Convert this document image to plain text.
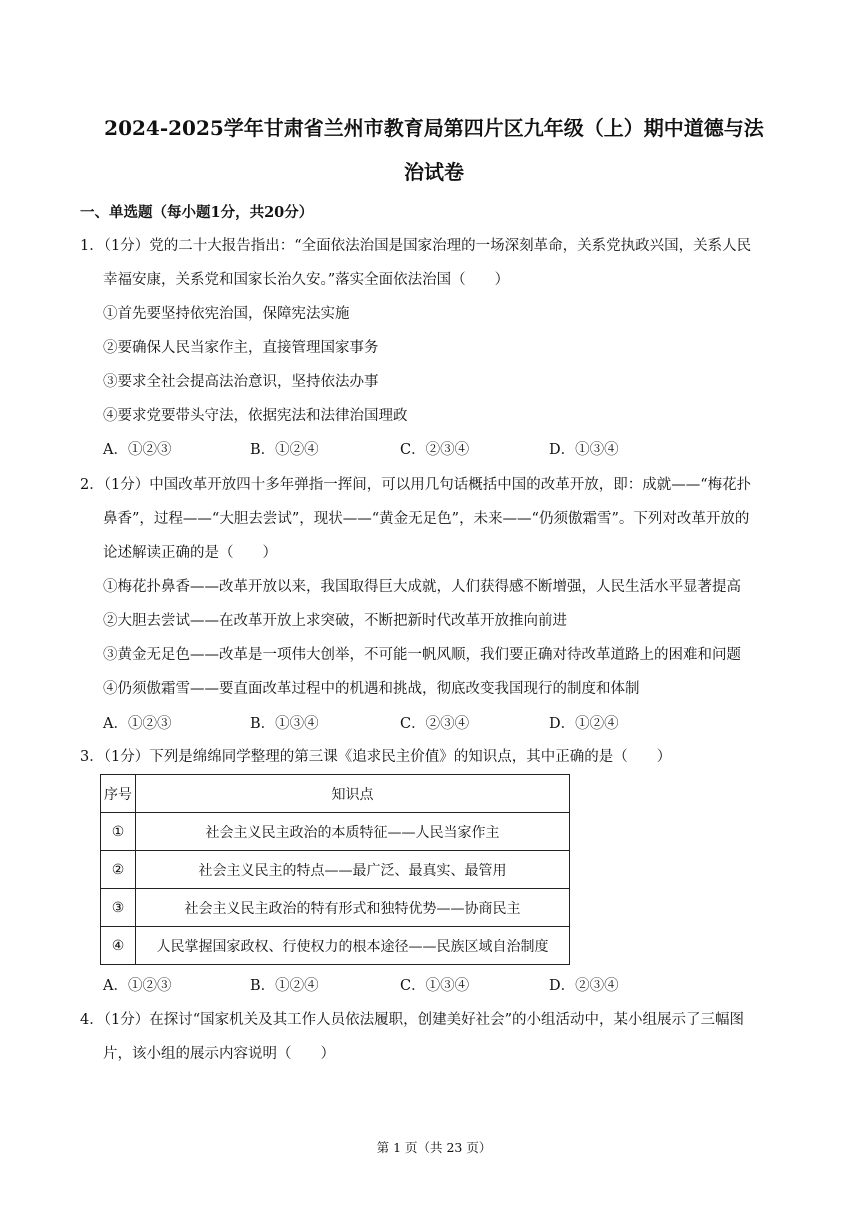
2024-2025学年甘肃省兰州市教育局第四片区九年级（上）期中道德与法
治试卷
一、单选题（每小题1分，共20分）
1．（1分）党的二十大报告指出：“全面依法治国是国家治理的一场深刻革命，关系党执政兴国，关系人民
幸福安康，关系党和国家长治久安。”落实全面依法治国（　　）
①首先要坚持依宪治国，保障宪法实施
②要确保人民当家作主，直接管理国家事务
③要求全社会提高法治意识，坚持依法办事
④要求党要带头守法，依据宪法和法律治国理政
A．①②③	B．①②④	C．②③④	D．①③④
2．（1分）中国改革开放四十多年弹指一挥间，可以用几句话概括中国的改革开放，即：成就——“梅花扑
鼻香”，过程——“大胆去尝试”，现状——“黄金无足色”，未来——“仍须傲霜雪”。下列对改革开放的
论述解读正确的是（　　）
①梅花扑鼻香——改革开放以来，我国取得巨大成就，人们获得感不断增强，人民生活水平显著提高
②大胆去尝试——在改革开放上求突破，不断把新时代改革开放推向前进
③黄金无足色——改革是一项伟大创举，不可能一帆风顺，我们要正确对待改革道路上的困难和问题
④仍须傲霜雪——要直面改革过程中的机遇和挑战，彻底改变我国现行的制度和体制
A．①②③	B．①③④	C．②③④	D．①②④
3．（1分）下列是绵绵同学整理的第三课《追求民主价值》的知识点，其中正确的是（　　）
序号	知识点
①	社会主义民主政治的本质特征——人民当家作主
②	社会主义民主的特点——最广泛、最真实、最管用
③	社会主义民主政治的特有形式和独特优势——协商民主
④	人民掌握国家政权、行使权力的根本途径——民族区域自治制度
A．①②③	B．①②④	C．①③④	D．②③④
4．（1分）在探讨“国家机关及其工作人员依法履职，创建美好社会”的小组活动中，某小组展示了三幅图
片，该小组的展示内容说明（　　）
第 1 页（共 23 页）
